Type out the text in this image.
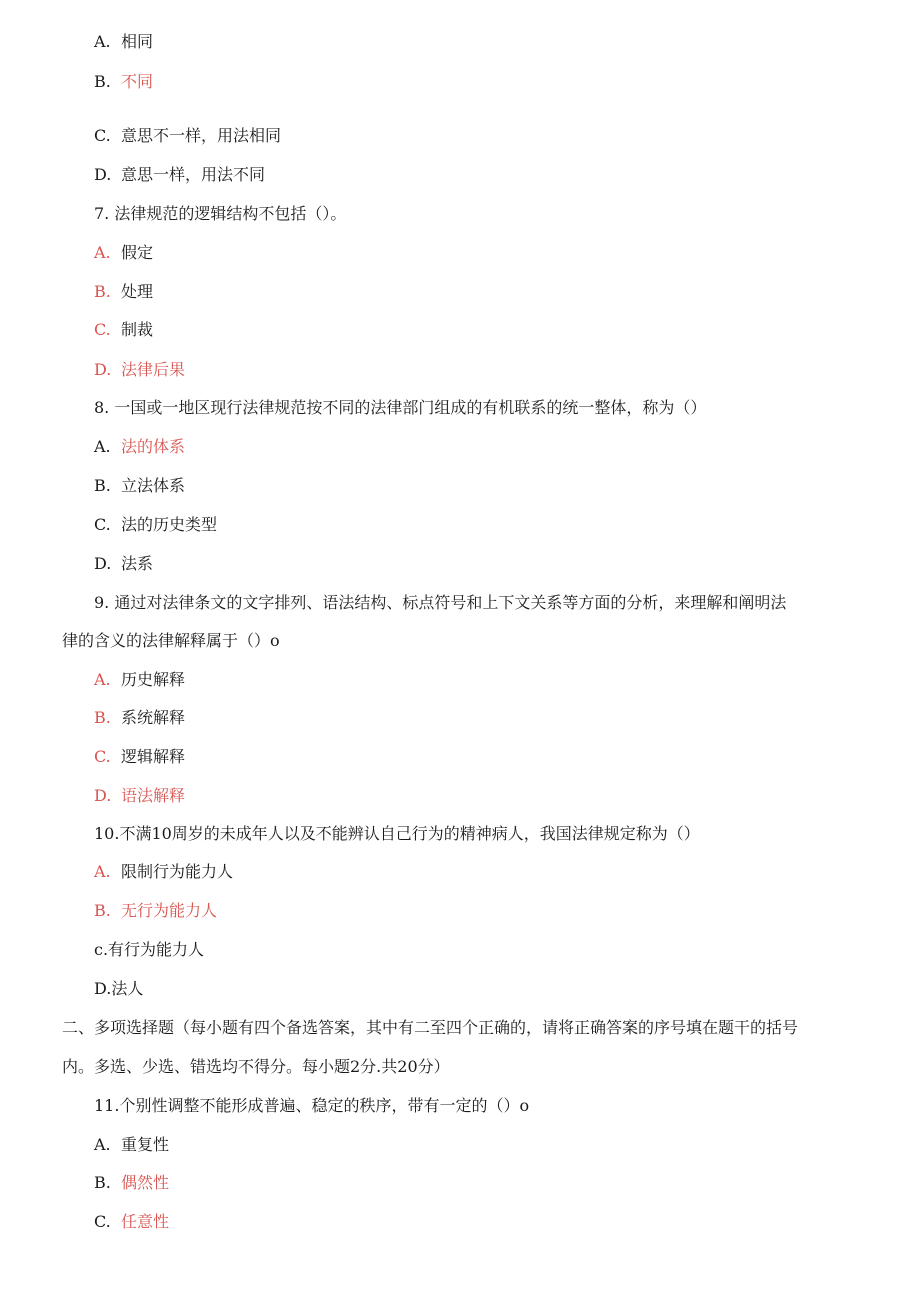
A. 相同
B. 不同
C. 意思不一样，用法相同
D. 意思一样，用法不同
7. 法律规范的逻辑结构不包括（）。
A. 假定
B. 处理
C. 制裁
D. 法律后果
8. 一国或一地区现行法律规范按不同的法律部门组成的有机联系的统一整体，称为（）
A. 法的体系
B. 立法体系
C. 法的历史类型
D. 法系
9. 通过对法律条文的文字排列、语法结构、标点符号和上下文关系等方面的分析，来理解和阐明法
律的含义的法律解释属于（）o
A. 历史解释
B. 系统解释
C. 逻辑解释
D. 语法解释
10.不满10周岁的未成年人以及不能辨认自己行为的精神病人，我国法律规定称为（）
A. 限制行为能力人
B. 无行为能力人
c.有行为能力人
D.法人
二、多项选择题（每小题有四个备选答案，其中有二至四个正确的，请将正确答案的序号填在题干的括号
内。多选、少选、错选均不得分。每小题2分.共20分）
11.个别性调整不能形成普遍、稳定的秩序，带有一定的（）o
A. 重复性
B. 偶然性
C. 任意性
